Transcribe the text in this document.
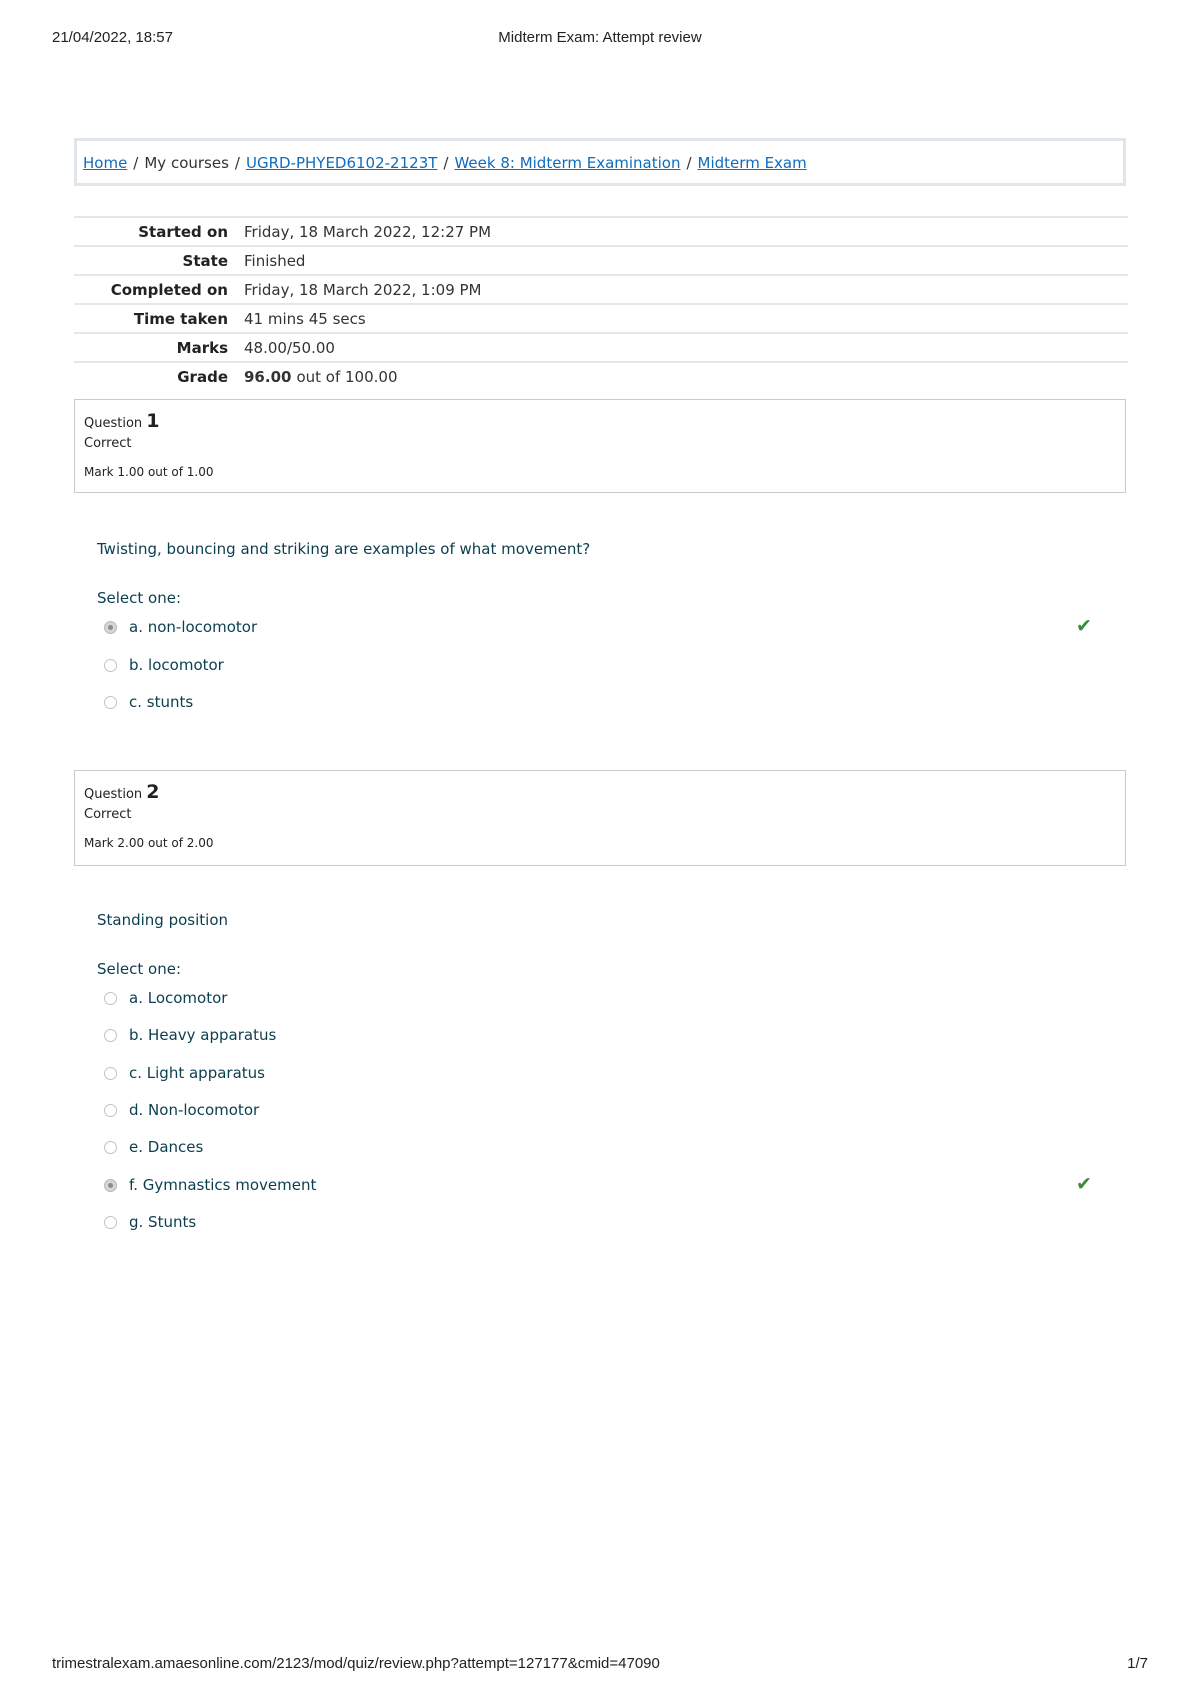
21/04/2022, 18:57	Midterm Exam: Attempt review
Home / My courses / UGRD-PHYED6102-2123T / Week 8: Midterm Examination / Midterm Exam
Started on	Friday, 18 March 2022, 12:27 PM
State	Finished
Completed on	Friday, 18 March 2022, 1:09 PM
Time taken	41 mins 45 secs
Marks	48.00/50.00
Grade	96.00 out of 100.00
Question 1
Correct
Mark 1.00 out of 1.00
Twisting, bouncing and striking are examples of what movement?
Select one:
a. non-locomotor	✔
b. locomotor
c. stunts
Question 2
Correct
Mark 2.00 out of 2.00
Standing position
Select one:
a. Locomotor
b. Heavy apparatus
c. Light apparatus
d. Non-locomotor
e. Dances
f. Gymnastics movement	✔
g. Stunts
trimestralexam.amaesonline.com/2123/mod/quiz/review.php?attempt=127177&cmid=47090	1/7
